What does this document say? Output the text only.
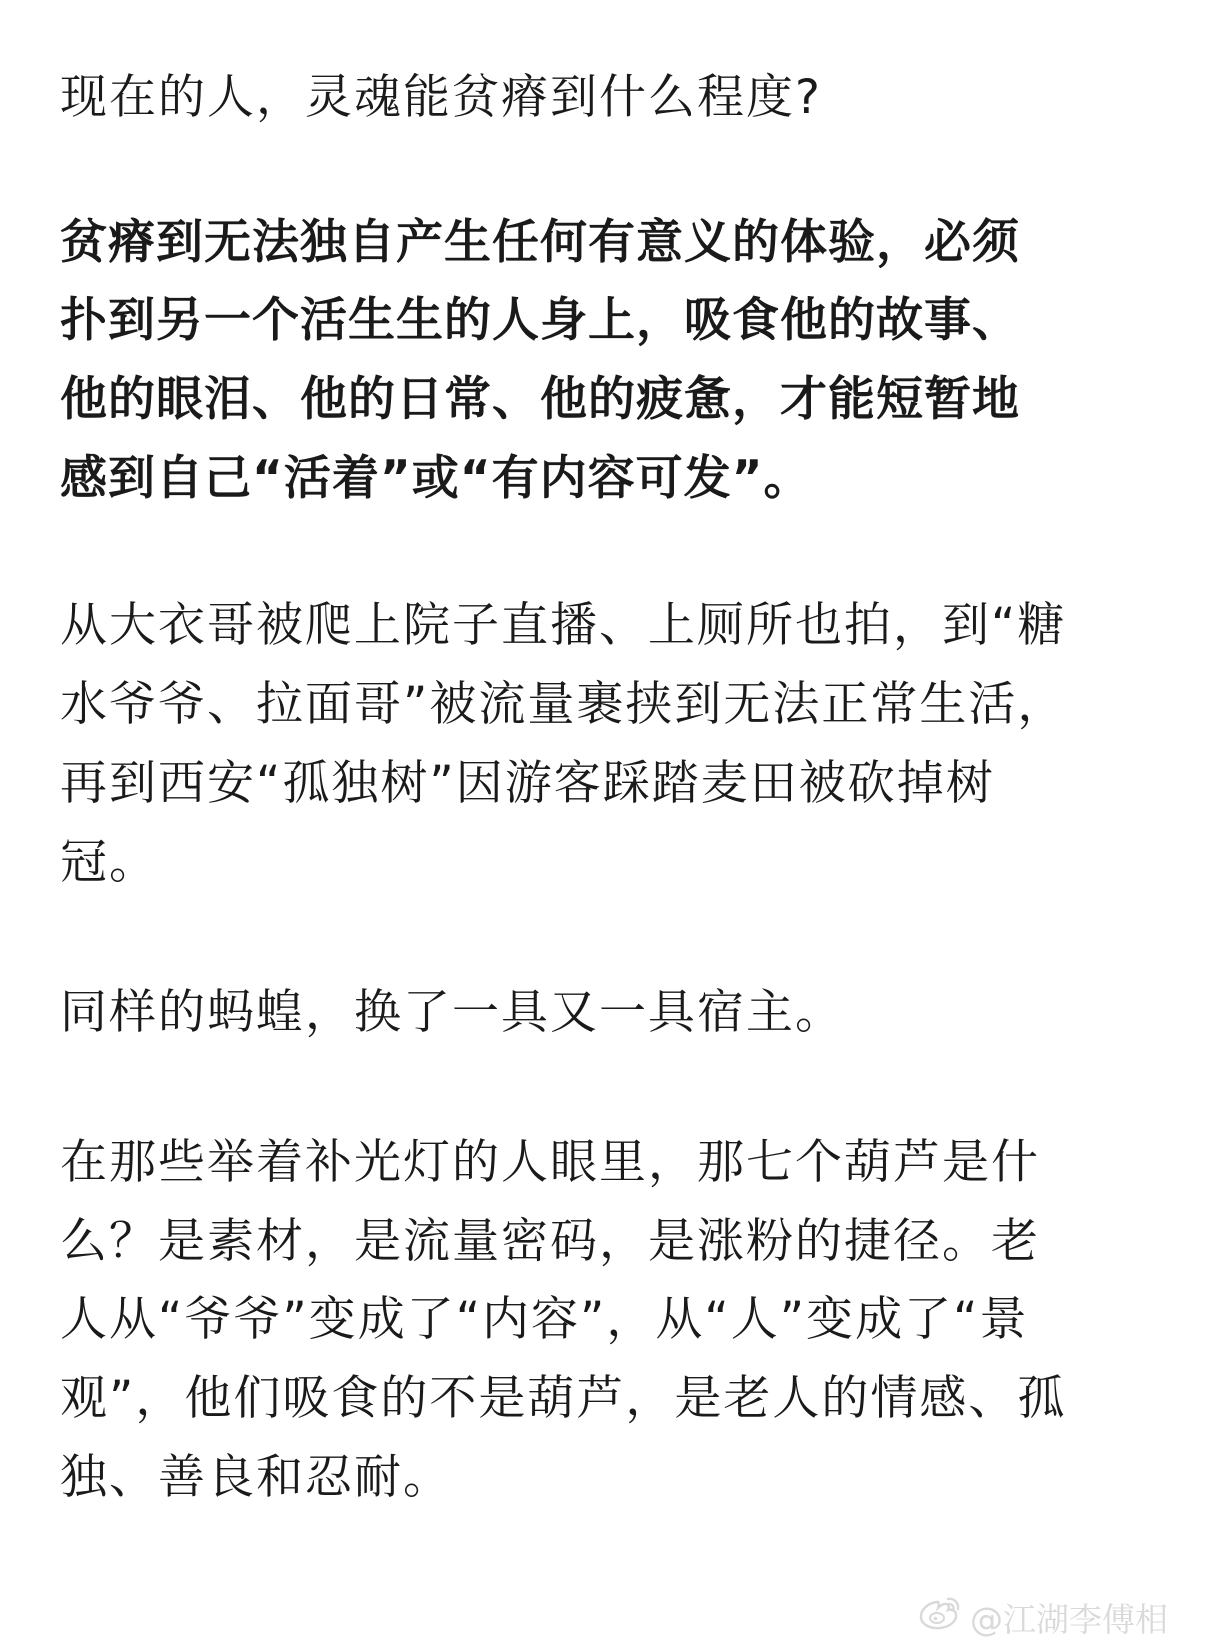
现在的人，灵魂能贫瘠到什么程度?
贫瘠到无法独自产生任何有意义的体验，必须
扑到另一个活生生的人身上，吸食他的故事、
他的眼泪、他的日常、他的疲惫，才能短暂地
感到自己“活着”或“有内容可发”。
从大衣哥被爬上院子直播、上厕所也拍，到“糖
水爷爷、拉面哥”被流量裹挟到无法正常生活，
再到西安“孤独树”因游客踩踏麦田被砍掉树
冠。
同样的蚂蝗，换了一具又一具宿主。
在那些举着补光灯的人眼里，那七个葫芦是什
么？是素材，是流量密码，是涨粉的捷径。老
人从“爷爷”变成了“内容”，从“人”变成了“景
观”，他们吸食的不是葫芦，是老人的情感、孤
独、善良和忍耐。
@江湖李傅相
